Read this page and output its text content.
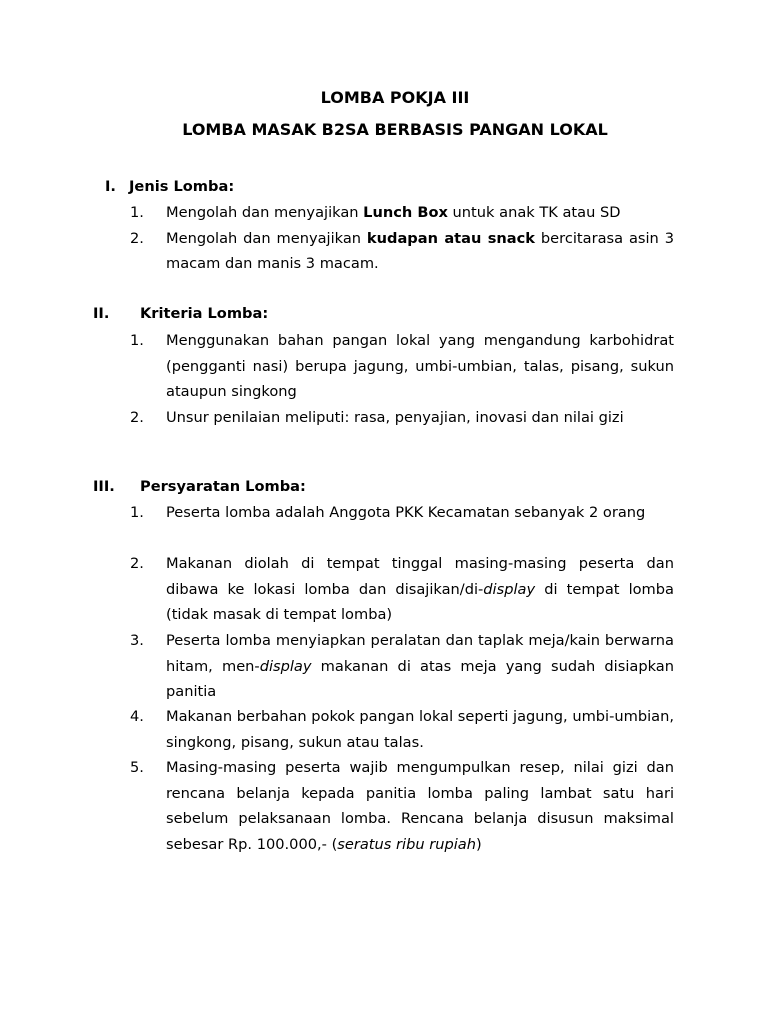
LOMBA POKJA III
LOMBA MASAK B2SA BERBASIS PANGAN LOKAL
I. Jenis Lomba:
1.	Mengolah dan menyajikan Lunch Box untuk anak TK atau SD
2.	Mengolah dan menyajikan kudapan atau snack bercitarasa asin 3 macam dan manis 3 macam.
II. Kriteria Lomba:
1.	Menggunakan bahan pangan lokal yang mengandung karbohidrat (pengganti nasi) berupa jagung, umbi-umbian, talas, pisang, sukun ataupun singkong
2.	Unsur penilaian meliputi: rasa, penyajian, inovasi dan nilai gizi
III. Persyaratan Lomba:
1.	Peserta lomba adalah Anggota PKK Kecamatan sebanyak 2 orang
2.	Makanan diolah di tempat tinggal masing-masing peserta dan dibawa ke lokasi lomba dan disajikan/di-display di tempat lomba (tidak masak di tempat lomba)
3.	Peserta lomba menyiapkan peralatan dan taplak meja/kain berwarna hitam, men-display makanan di atas meja yang sudah disiapkan panitia
4.	Makanan berbahan pokok pangan lokal seperti jagung, umbi-umbian, singkong, pisang, sukun atau talas.
5.	Masing-masing peserta wajib mengumpulkan resep, nilai gizi dan rencana belanja kepada panitia lomba paling lambat satu hari sebelum pelaksanaan lomba. Rencana belanja disusun maksimal sebesar Rp. 100.000,- (seratus ribu rupiah)
